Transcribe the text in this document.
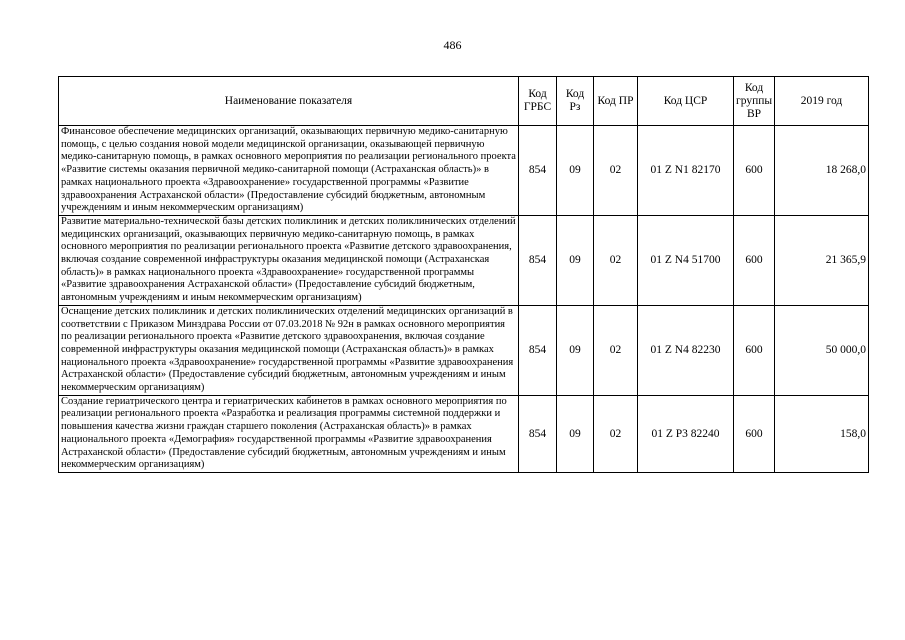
486
Наименование показателя	Код ГРБС	Код Рз	Код ПР	Код ЦСР	Код группы ВР	2019 год
Финансовое обеспечение медицинских организаций, оказывающих первичную медико-санитарную помощь, с целью создания новой модели медицинской организации, оказывающей первичную медико-санитарную помощь, в рамках основного мероприятия по реализации регионального проекта «Развитие системы оказания первичной медико-санитарной помощи (Астраханская область)» в рамках национального проекта «Здравоохранение» государственной программы «Развитие здравоохранения Астраханской области» (Предоставление субсидий бюджетным, автономным учреждениям и иным некоммерческим организациям)	854	09	02	01 Z N1 82170	600	18 268,0
Развитие материально-технической базы детских поликлиник и детских поликлинических отделений медицинских организаций, оказывающих первичную медико-санитарную помощь, в рамках основного мероприятия по реализации регионального проекта «Развитие детского здравоохранения, включая создание современной инфраструктуры оказания медицинской помощи (Астраханская область)» в рамках национального проекта «Здравоохранение» государственной программы «Развитие здравоохранения Астраханской области» (Предоставление субсидий бюджетным, автономным учреждениям и иным некоммерческим организациям)	854	09	02	01 Z N4 51700	600	21 365,9
Оснащение детских поликлиник и детских поликлинических отделений медицинских организаций в соответствии с Приказом Минздрава России от 07.03.2018 № 92н в рамках основного мероприятия по реализации регионального проекта «Развитие детского здравоохранения, включая создание современной инфраструктуры оказания медицинской помощи (Астраханская область)» в рамках национального проекта «Здравоохранение» государственной программы «Развитие здравоохранения Астраханской области» (Предоставление субсидий бюджетным, автономным учреждениям и иным некоммерческим организациям)	854	09	02	01 Z N4 82230	600	50 000,0
Создание гериатрического центра и гериатрических кабинетов в рамках основного мероприятия по реализации регионального проекта «Разработка и реализация программы системной поддержки и повышения качества жизни граждан старшего поколения (Астраханская область)» в рамках национального проекта «Демография» государственной программы «Развитие здравоохранения Астраханской области» (Предоставление субсидий бюджетным, автономным учреждениям и иным некоммерческим организациям)	854	09	02	01 Z P3 82240	600	158,0
